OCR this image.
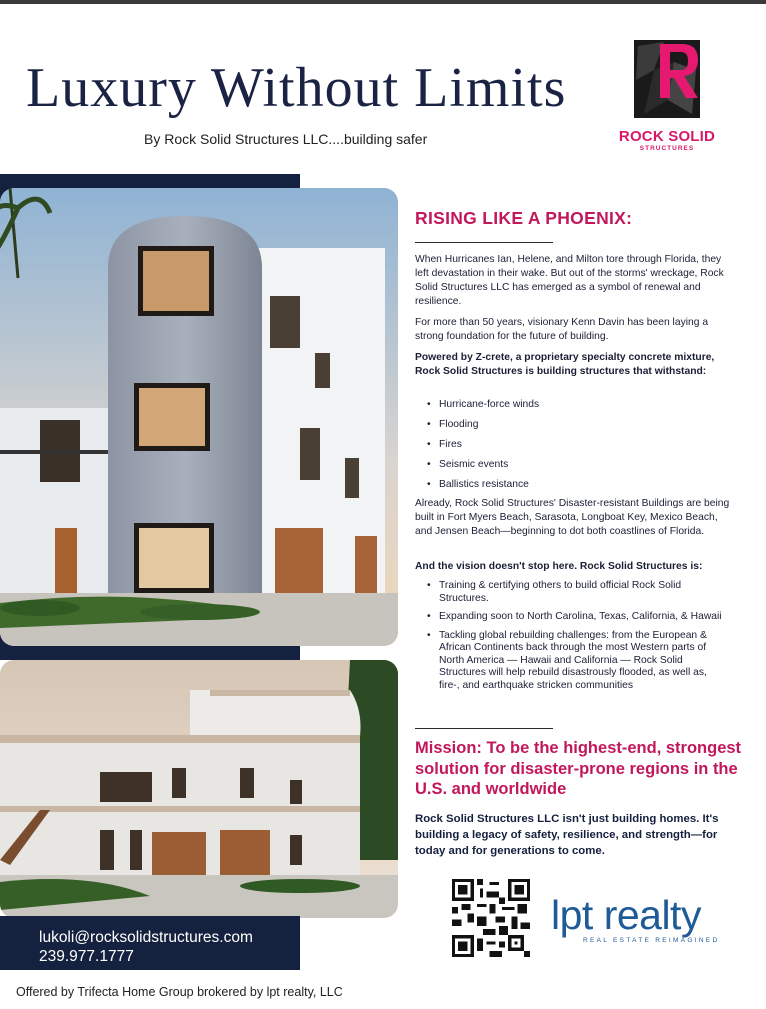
Luxury Without Limits
By Rock Solid Structures LLC....building safer	ROCK SOLID
STRUCTURES
lukoli@rocksolidstructures.com
239.977.1777
Offered by Trifecta Home Group brokered by lpt realty, LLC
RISING LIKE A PHOENIX:

When Hurricanes Ian, Helene, and Milton tore through Florida, they left devastation in their wake. But out of the storms' wreckage, Rock Solid Structures LLC has emerged as a symbol of renewal and resilience.

For more than 50 years, visionary Kenn Davin has been laying a strong foundation for the future of building.

Powered by Z-crete, a proprietary specialty concrete mixture, Rock Solid Structures is building structures that withstand:

• Hurricane-force winds
• Flooding
• Fires
• Seismic events
• Ballistics resistance

Already, Rock Solid Structures' Disaster-resistant Buildings are being built in Fort Myers Beach, Sarasota, Longboat Key, Mexico Beach, and Jensen Beach—beginning to dot both coastlines of Florida.

And the vision doesn't stop here. Rock Solid Structures is:

• Training & certifying others to build official Rock Solid Structures.
• Expanding soon to North Carolina, Texas, California, & Hawaii
• Tackling global rebuilding challenges: from the European & African Continents back through the most Western parts of North America — Hawaii and California — Rock Solid Structures will help rebuild disastrously flooded, as well as, fire-, and earthquake stricken communities
Mission: To be the highest-end, strongest solution for disaster-prone regions in the U.S. and worldwide
Rock Solid Structures LLC isn't just building homes. It's building a legacy of safety, resilience, and strength—for today and for generations to come.
lpt realty
REAL ESTATE REIMAGINED
